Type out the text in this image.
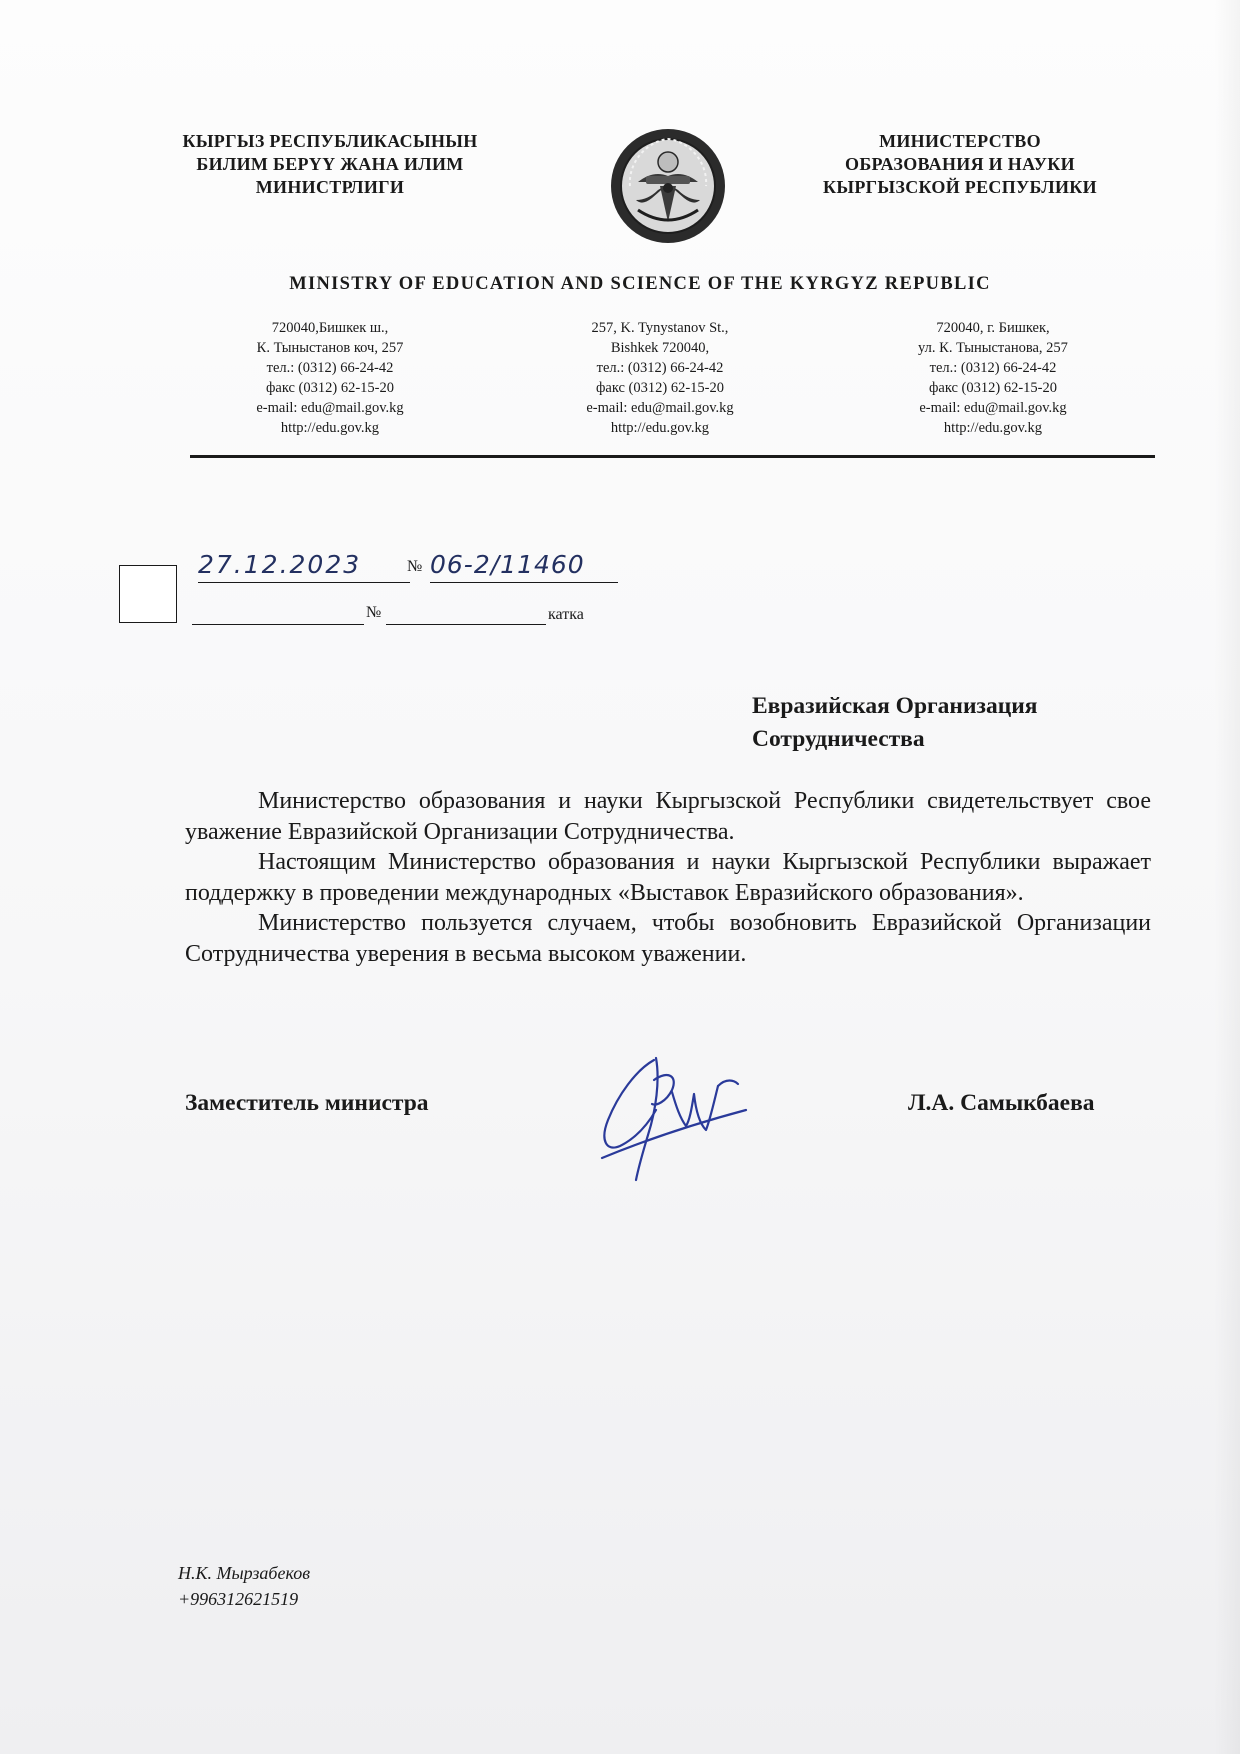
КЫРГЫЗ РЕСПУБЛИКАСЫНЫН
БИЛИМ БЕРҮҮ ЖАНА ИЛИМ
МИНИСТРЛИГИ
МИНИСТЕРСТВО
ОБРАЗОВАНИЯ И НАУКИ
КЫРГЫЗСКОЙ РЕСПУБЛИКИ
MINISTRY OF EDUCATION AND SCIENCE OF THE KYRGYZ REPUBLIC
720040,Бишкек ш.,
К. Тыныстанов коч, 257
тел.: (0312) 66-24-42
факс (0312) 62-15-20
e-mail: edu@mail.gov.kg
http://edu.gov.kg
257, K. Tynystanov St.,
Bishkek 720040,
тел.: (0312) 66-24-42
факс (0312) 62-15-20
e-mail: edu@mail.gov.kg
http://edu.gov.kg
720040, г. Бишкек,
ул. К. Тыныстанова, 257
тел.: (0312) 66-24-42
факс (0312) 62-15-20
e-mail: edu@mail.gov.kg
http://edu.gov.kg
27.12.2023	№ 06-2/11460
№	катка
Евразийская Организация
Сотрудничества

Министерство образования и науки Кыргызской Республики свидетельствует свое уважение Евразийской Организации Сотрудничества.

Настоящим Министерство образования и науки Кыргызской Республики выражает поддержку в проведении международных «Выставок Евразийского образования».

Министерство пользуется случаем, чтобы возобновить Евразийской Организации Сотрудничества уверения в весьма высоком уважении.

Заместитель министра	Л.А. Самыкбаева
Н.К. Мырзабеков
+996312621519
